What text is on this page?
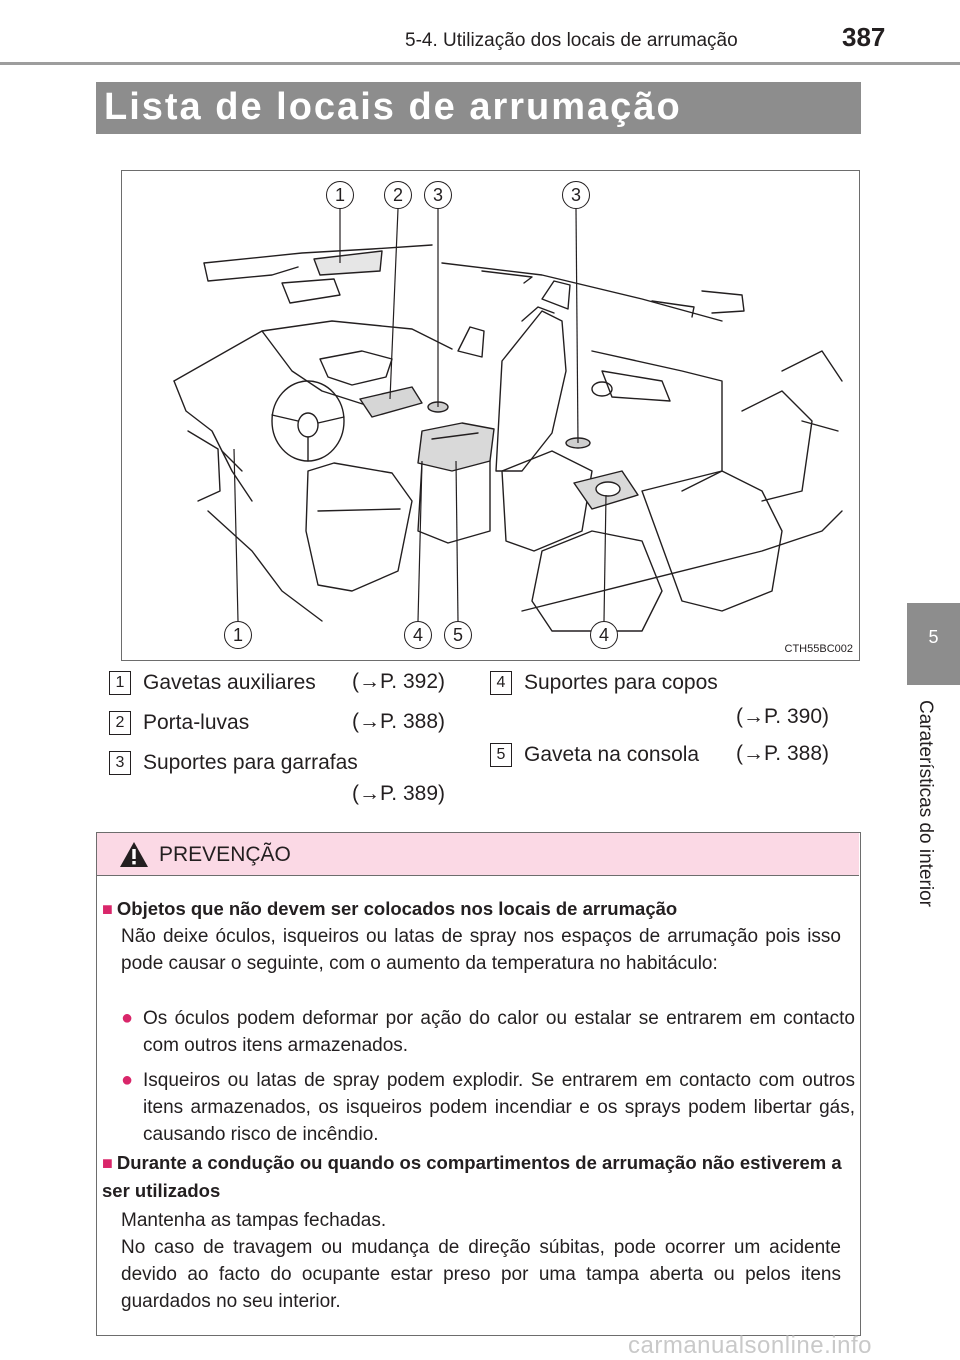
5-4. Utilização dos locais de arrumação	387
Lista de locais de arrumação
5
Caraterísticas do interior
1	2	3	3
1	4	5	4
CTH55BC002
1 Gavetas auxiliares (→P. 392)
2 Porta-luvas	(→P. 388)
3 Suportes para garrafas
(→P. 389)
4 Suportes para copos
(→P. 390)
5 Gaveta na consola (→P. 388)
PREVENÇÃO
■ Objetos que não devem ser colocados nos locais de arrumação
Não deixe óculos, isqueiros ou latas de spray nos espaços de arrumação pois isso pode causar o seguinte, com o aumento da temperatura no habitáculo:
● Os óculos podem deformar por ação do calor ou estalar se entrarem em contacto com outros itens armazenados.
● Isqueiros ou latas de spray podem explodir. Se entrarem em contacto com outros itens armazenados, os isqueiros podem incendiar e os sprays podem libertar gás, causando risco de incêndio.
■ Durante a condução ou quando os compartimentos de arrumação não estiverem a ser utilizados
Mantenha as tampas fechadas.
No caso de travagem ou mudança de direção súbitas, pode ocorrer um acidente devido ao facto do ocupante estar preso por uma tampa aberta ou pelos itens guardados no seu interior.
carmanualsonline.info
